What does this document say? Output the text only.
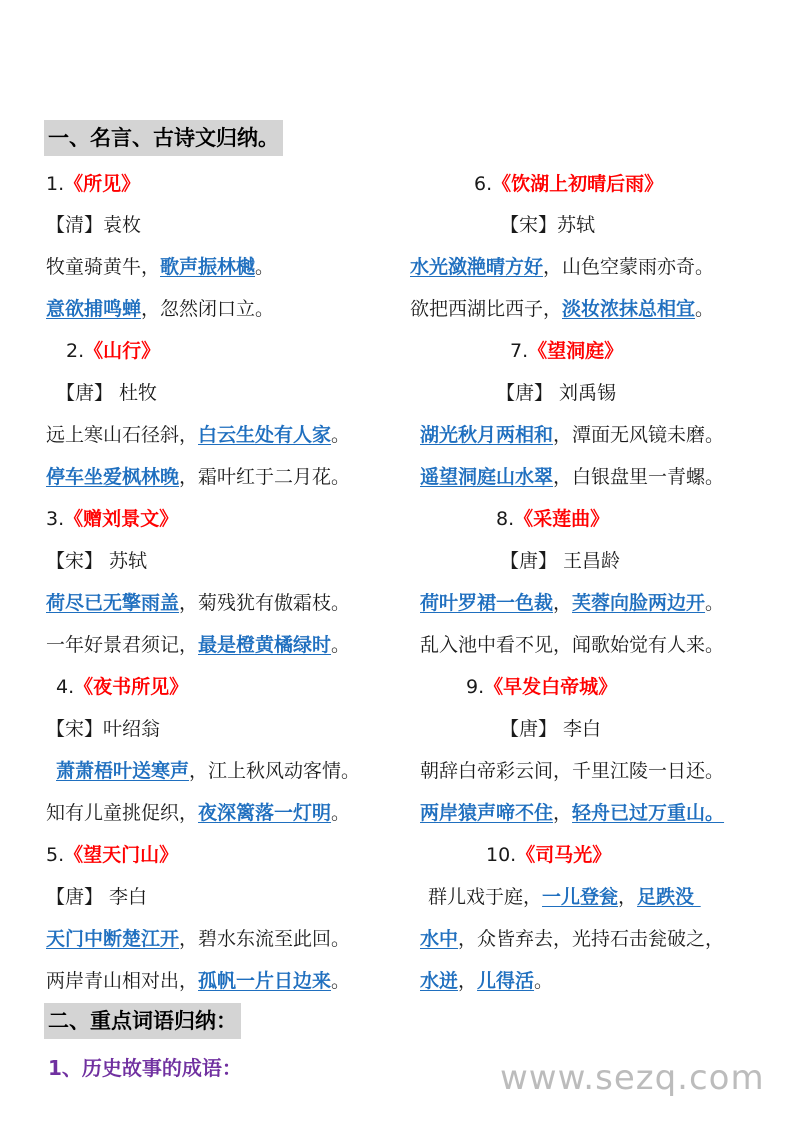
一、名言、古诗文归纳。
1.《所见》
【清】袁枚
牧童骑黄牛，歌声振林樾。
意欲捕鸣蝉，忽然闭口立。
2.《山行》
【唐】 杜牧
远上寒山石径斜，白云生处有人家。
停车坐爱枫林晚，霜叶红于二月花。
3.《赠刘景文》
【宋】 苏轼
荷尽已无擎雨盖，菊残犹有傲霜枝。
一年好景君须记，最是橙黄橘绿时。
4.《夜书所见》
【宋】叶绍翁
萧萧梧叶送寒声，江上秋风动客情。
知有儿童挑促织，夜深篱落一灯明。
5.《望天门山》
【唐】 李白
天门中断楚江开，碧水东流至此回。
两岸青山相对出，孤帆一片日边来。
6.《饮湖上初晴后雨》
【宋】苏轼
水光潋滟晴方好，山色空蒙雨亦奇。
欲把西湖比西子，淡妆浓抹总相宜。
7.《望洞庭》
【唐】 刘禹锡
湖光秋月两相和，潭面无风镜未磨。
遥望洞庭山水翠，白银盘里一青螺。
8.《采莲曲》
【唐】 王昌龄
荷叶罗裙一色裁，芙蓉向脸两边开。
乱入池中看不见，闻歌始觉有人来。
9.《早发白帝城》
【唐】 李白
朝辞白帝彩云间，千里江陵一日还。
两岸猿声啼不住，轻舟已过万重山。
10.《司马光》
群儿戏于庭，一儿登瓮，足跌没
水中，众皆弃去，光持石击瓮破之，
水迸，儿得活。
二、重点词语归纳：
1、历史故事的成语：	www.sezq.com
